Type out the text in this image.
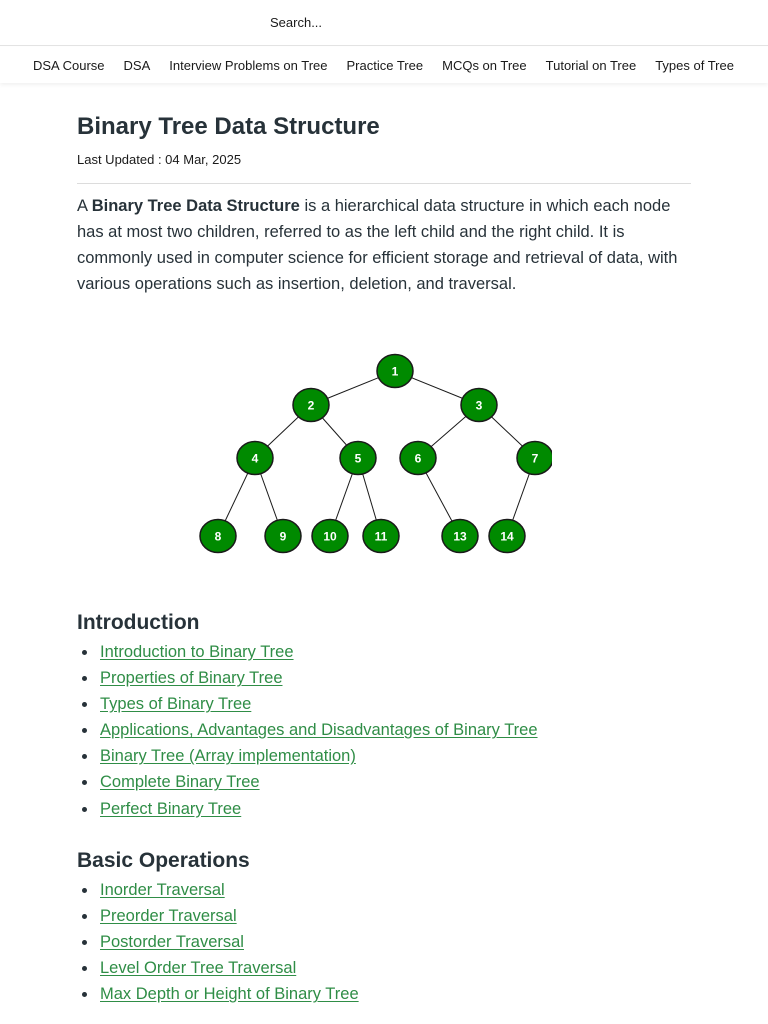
Search...
DSA Course DSA Interview Problems on Tree Practice Tree MCQs on Tree Tutorial on Tree Types of Tree
Binary Tree Data Structure
Last Updated : 04 Mar, 2025

A Binary Tree Data Structure is a hierarchical data structure in which each node has at most two children, referred to as the left child and the right child. It is commonly used in computer science for efficient storage and retrieval of data, with various operations such as insertion, deletion, and traversal.

1
2	3
4	5	6	7
8	9	10	11	13	14
Introduction
Introduction to Binary Tree
Properties of Binary Tree
Types of Binary Tree
Applications, Advantages and Disadvantages of Binary Tree
Binary Tree (Array implementation)
Complete Binary Tree
Perfect Binary Tree
Basic Operations
Inorder Traversal
Preorder Traversal
Postorder Traversal
Level Order Tree Traversal
Max Depth or Height of Binary Tree
